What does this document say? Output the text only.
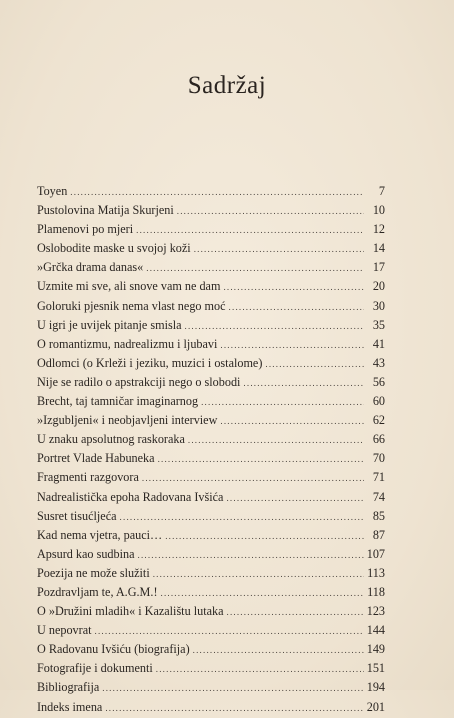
Sadržaj
Toyen .....	7
Pustolovina Matija Skurjeni .....	10
Plamenovi po mjeri .....	12
Oslobodite maske u svojoj koži .....	14
»Grčka drama danas« .....	17
Uzmite mi sve, ali snove vam ne dam .....	20
Goloruki pjesnik nema vlast nego moć .....	30
U igri je uvijek pitanje smisla .....	35
O romantizmu, nadrealizmu i ljubavi .....	41
Odlomci (o Krleži i jeziku, muzici i ostalome) .....	43
Nije se radilo o apstrakciji nego o slobodi .....	56
Brecht, taj tamničar imaginarnog .....	60
»Izgubljeni« i neobjavljeni interview .....	62
U znaku apsolutnog raskoraka .....	66
Portret Vlade Habuneka .....	70
Fragmenti razgovora .....	71
Nadrealistička epoha Radovana Ivšića .....	74
Susret tisućljeća .....	85
Kad nema vjetra, pauci… .....	87
Apsurd kao sudbina .....	107
Poezija ne može služiti .....	113
Pozdravljam te, A.G.M.! .....	118
O »Družini mladih« i Kazalištu lutaka .....	123
U nepovrat .....	144
O Radovanu Ivšiću (biografija) .....	149
Fotografije i dokumenti .....	151
Bibliografija .....	194
Indeks imena .....	201
